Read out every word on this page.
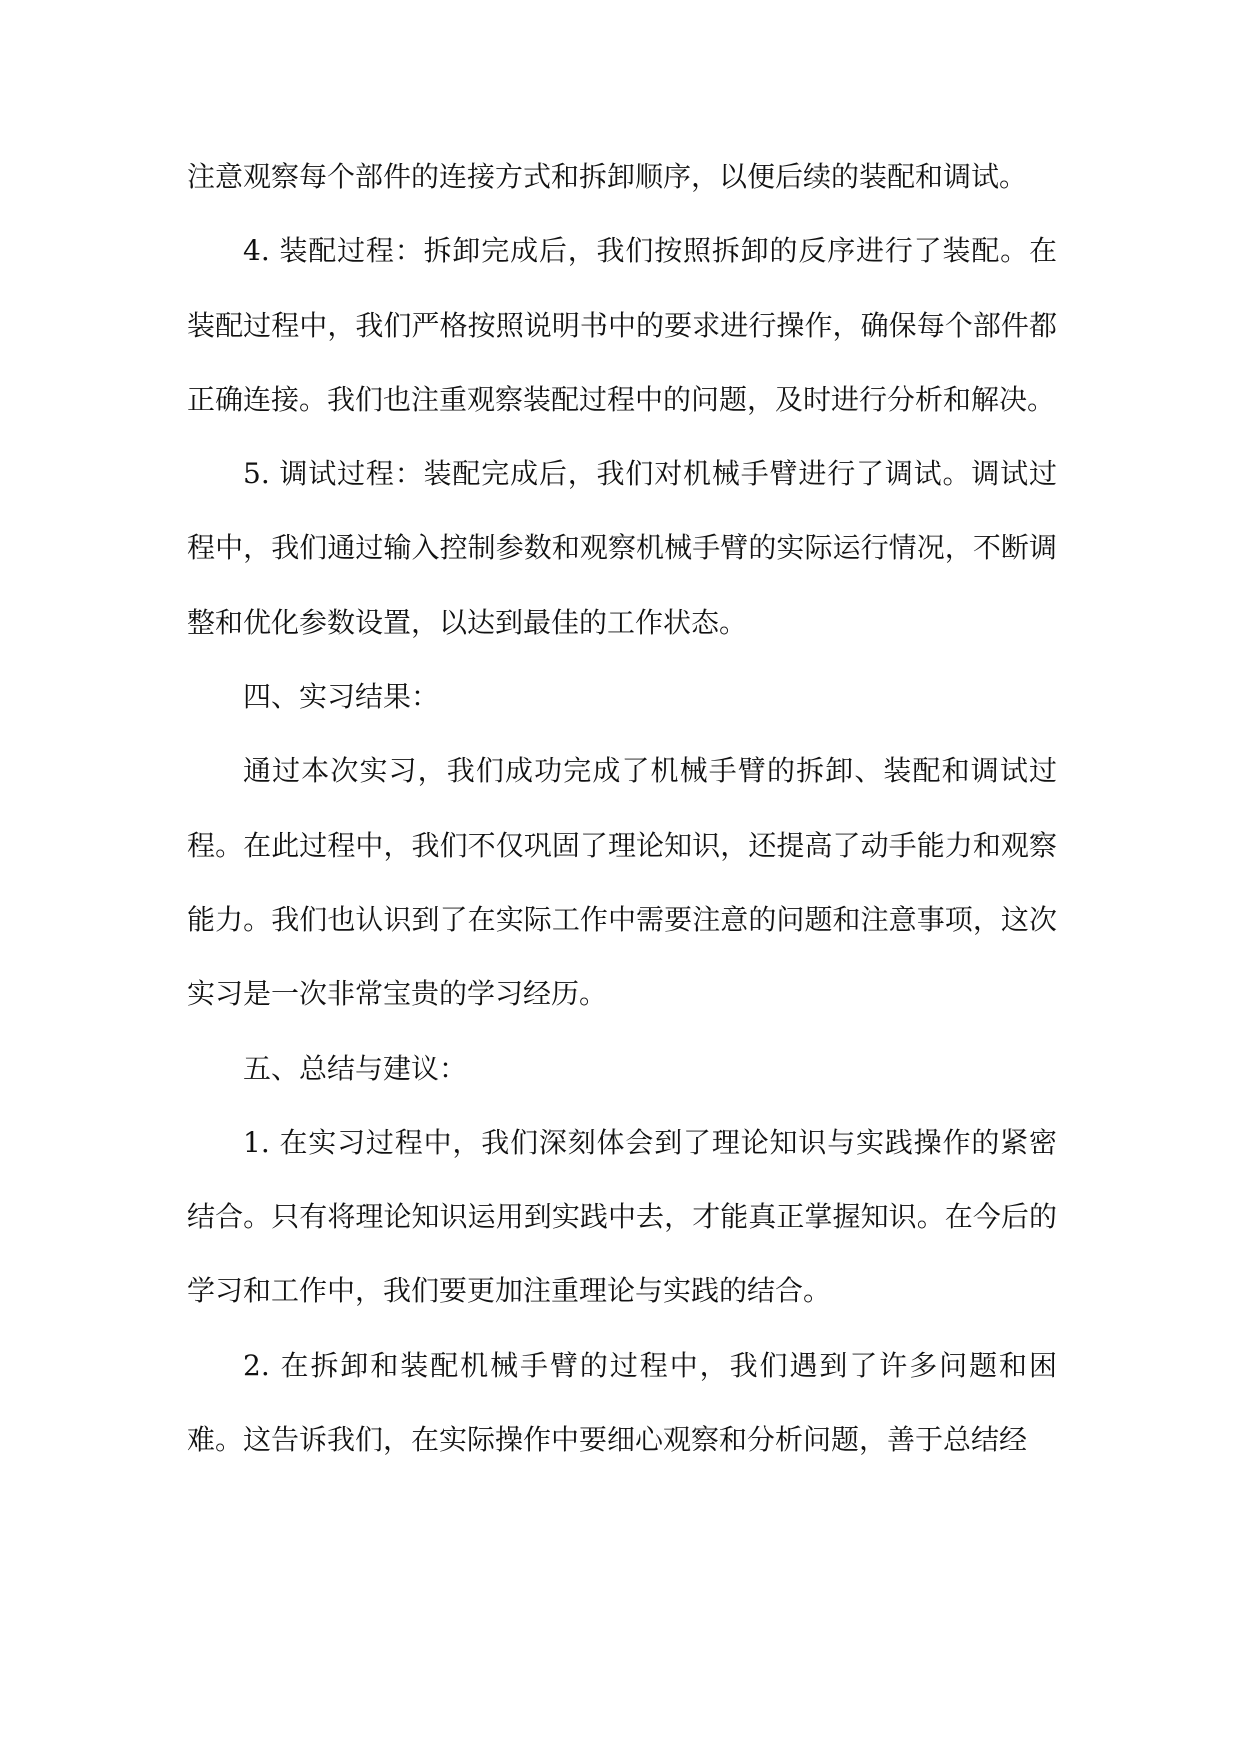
注意观察每个部件的连接方式和拆卸顺序，以便后续的装配和调试。

4. 装配过程：拆卸完成后，我们按照拆卸的反序进行了装配。在装配过程中，我们严格按照说明书中的要求进行操作，确保每个部件都正确连接。我们也注重观察装配过程中的问题，及时进行分析和解决。

5. 调试过程：装配完成后，我们对机械手臂进行了调试。调试过程中，我们通过输入控制参数和观察机械手臂的实际运行情况，不断调整和优化参数设置，以达到最佳的工作状态。

四、实习结果：

通过本次实习，我们成功完成了机械手臂的拆卸、装配和调试过程。在此过程中，我们不仅巩固了理论知识，还提高了动手能力和观察能力。我们也认识到了在实际工作中需要注意的问题和注意事项，这次实习是一次非常宝贵的学习经历。

五、总结与建议：

1. 在实习过程中，我们深刻体会到了理论知识与实践操作的紧密结合。只有将理论知识运用到实践中去，才能真正掌握知识。在今后的学习和工作中，我们要更加注重理论与实践的结合。

2. 在拆卸和装配机械手臂的过程中，我们遇到了许多问题和困难。这告诉我们，在实际操作中要细心观察和分析问题，善于总结经
